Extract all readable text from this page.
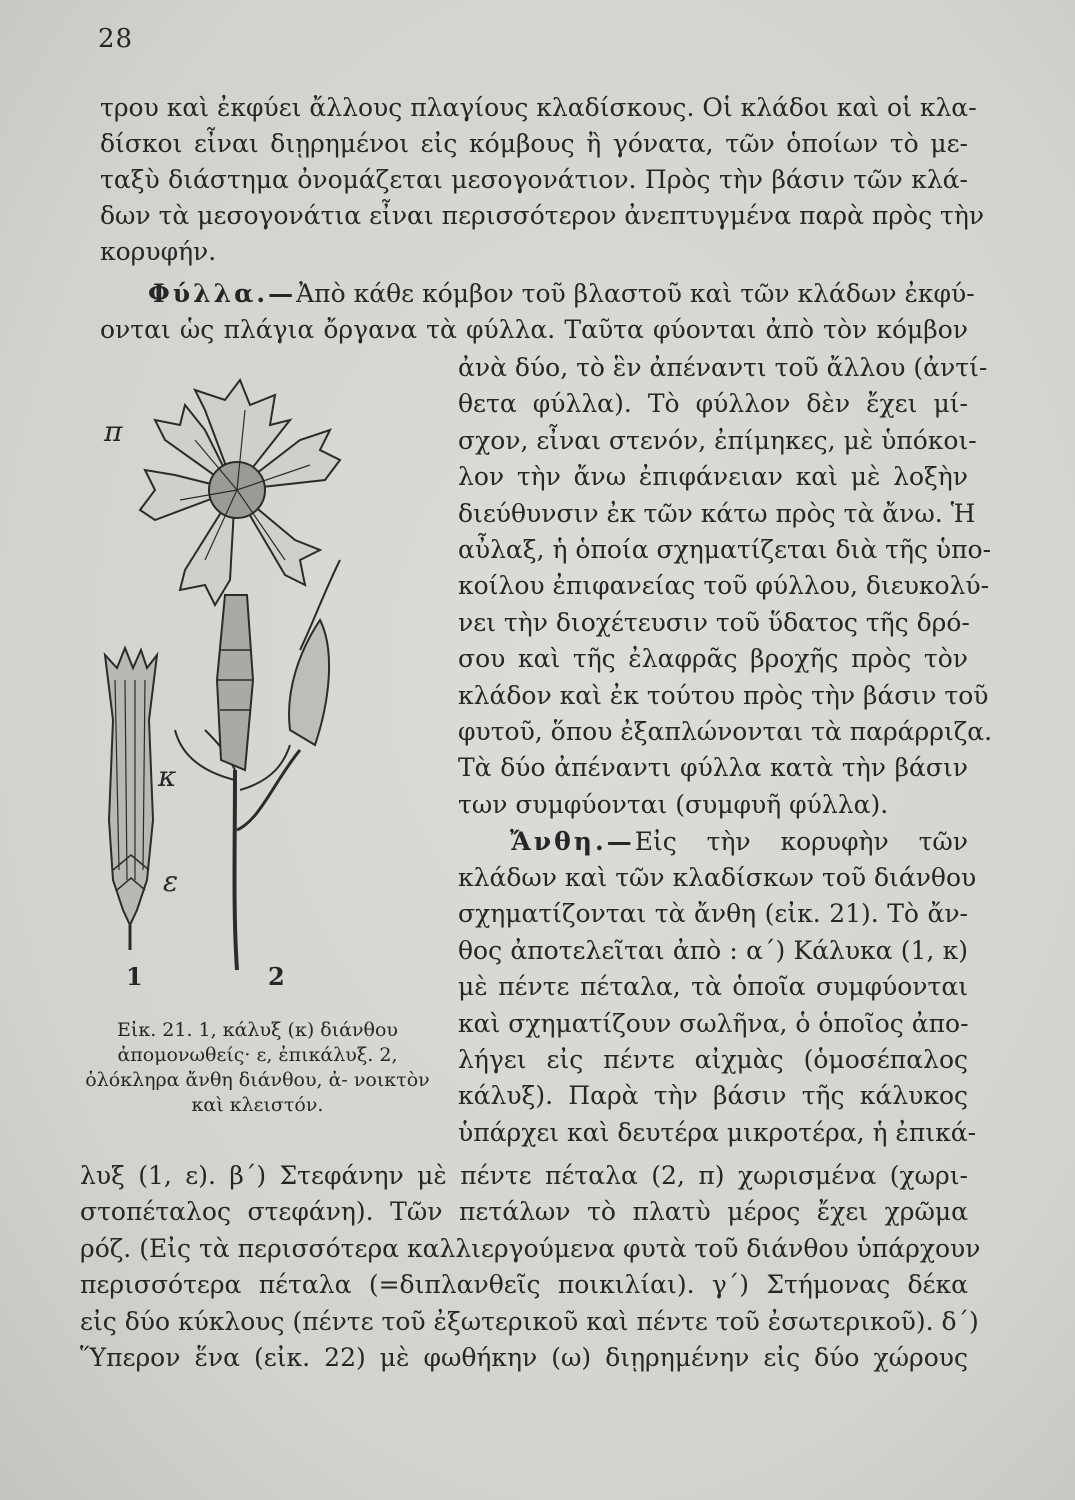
28
τρου καὶ ἐκφύει ἄλλους πλαγίους κλαδίσκους. Οἱ κλάδοι καὶ οἱ κλα-
δίσκοι εἶναι διῃρημένοι εἰς κόμβους ἢ γόνατα, τῶν ὁποίων τὸ με-
ταξὺ διάστημα ὀνομάζεται μεσογονάτιον. Πρὸς τὴν βάσιν τῶν κλά-
δων τὰ μεσογονάτια εἶναι περισσότερον ἀνεπτυγμένα παρὰ πρὸς τὴν
κορυφήν.
Φύλλα.—Ἀπὸ κάθε κόμβον τοῦ βλαστοῦ καὶ τῶν κλάδων ἐκφύ-
ονται ὡς πλάγια ὄργανα τὰ φύλλα. Ταῦτα φύονται ἀπὸ τὸν κόμβον
ἀνὰ δύο, τὸ ἓν ἀπέναντι τοῦ ἄλλου (ἀντί-
θετα φύλλα). Τὸ φύλλον δὲν ἔχει μί-
σχον, εἶναι στενόν, ἐπίμηκες, μὲ ὑπόκοι-
λον τὴν ἄνω ἐπιφάνειαν καὶ μὲ λοξὴν
διεύθυνσιν ἐκ τῶν κάτω πρὸς τὰ ἄνω. Ἡ
αὖλαξ, ἡ ὁποία σχηματίζεται διὰ τῆς ὑπο-
κοίλου ἐπιφανείας τοῦ φύλλου, διευκολύ-
νει τὴν διοχέτευσιν τοῦ ὕδατος τῆς δρό-
σου καὶ τῆς ἐλαφρᾶς βροχῆς πρὸς τὸν
κλάδον καὶ ἐκ τούτου πρὸς τὴν βάσιν τοῦ
φυτοῦ, ὅπου ἐξαπλώνονται τὰ παράρριζα.
Τὰ δύο ἀπέναντι φύλλα κατὰ τὴν βάσιν
των συμφύονται (συμφυῆ φύλλα).
Ἄνθη.—Εἰς τὴν κορυφὴν τῶν
κλάδων καὶ τῶν κλαδίσκων τοῦ διάνθου
σχηματίζονται τὰ ἄνθη (εἰκ. 21). Τὸ ἄν-
θος ἀποτελεῖται ἀπὸ : α΄) Κάλυκα (1, κ)
μὲ πέντε πέταλα, τὰ ὁποῖα συμφύονται
καὶ σχηματίζουν σωλῆνα, ὁ ὁποῖος ἀπο-
λήγει εἰς πέντε αἰχμὰς (ὁμοσέπαλος
κάλυξ). Παρὰ τὴν βάσιν τῆς κάλυκος
ὑπάρχει καὶ δευτέρα μικροτέρα, ἡ ἐπικά-
λυξ (1, ε). β΄) Στεφάνην μὲ πέντε πέταλα (2, π) χωρισμένα (χωρι-
στοπέταλος στεφάνη). Τῶν πετάλων τὸ πλατὺ μέρος ἔχει χρῶμα
ρόζ. (Εἰς τὰ περισσότερα καλλιεργούμενα φυτὰ τοῦ διάνθου ὑπάρχουν
περισσότερα πέταλα (=διπλανθεῖς ποικιλίαι). γ΄) Στήμονας δέκα
εἰς δύο κύκλους (πέντε τοῦ ἐξωτερικοῦ καὶ πέντε τοῦ ἐσωτερικοῦ). δ΄)
Ὕπερον ἕνα (εἰκ. 22) μὲ φωθήκην (ω) διῃρημένην εἰς δύο χώρους
π
κ
ε
1	2
Εἰκ. 21. 1, κάλυξ (κ) διάνθου ἀπομονωθείς· ε, ἐπικάλυξ. 2, ὁλόκληρα ἄνθη διάνθου, ἀ- νοικτὸν καὶ κλειστόν.
